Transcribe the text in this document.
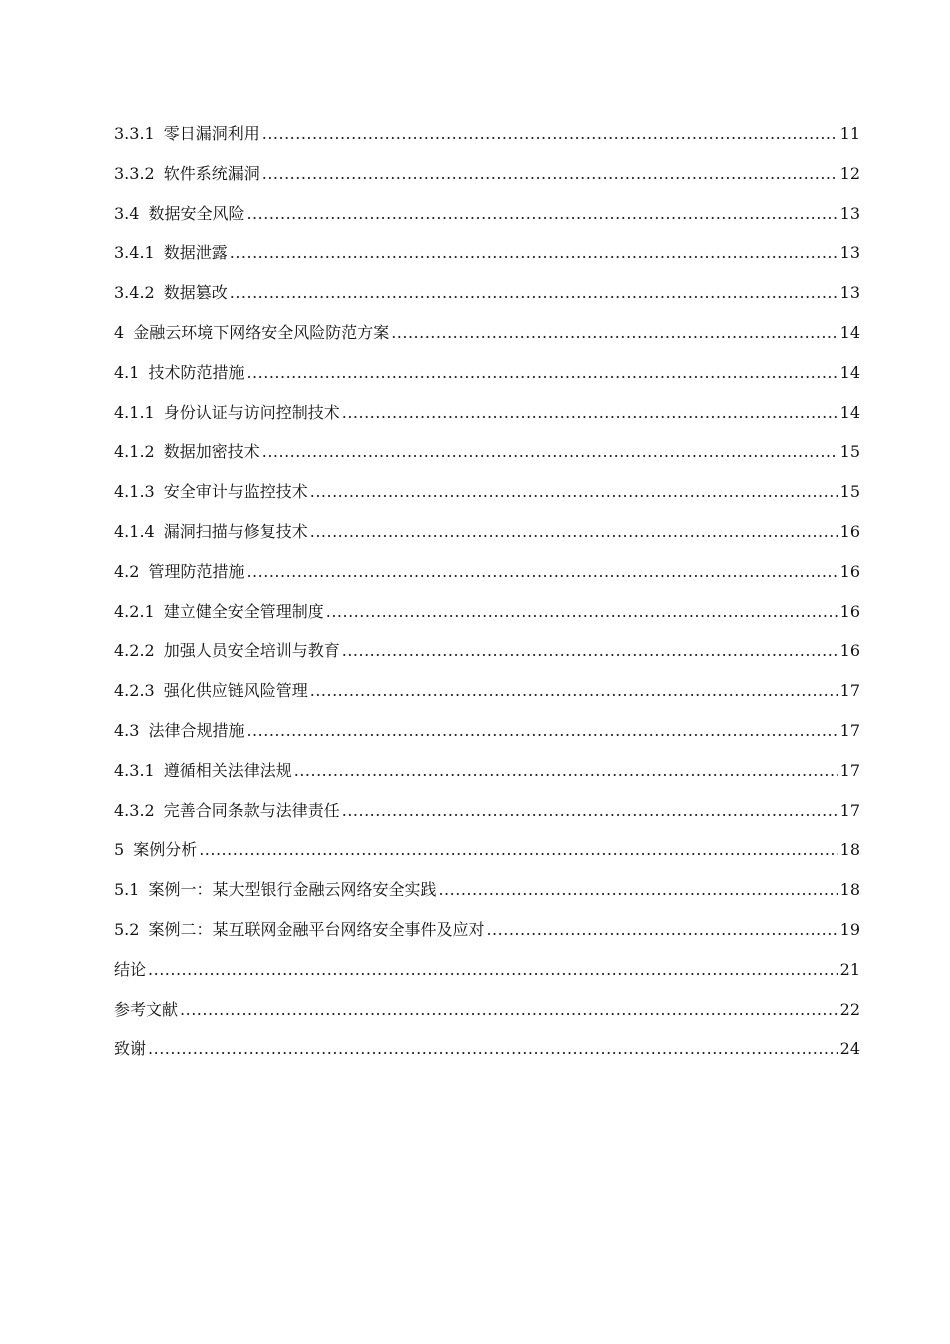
3.3.1 零日漏洞利用 .....	11
3.3.2 软件系统漏洞 .....	12
3.4 数据安全风险 .....	13
3.4.1 数据泄露 .....	13
3.4.2 数据篡改 .....	13
4 金融云环境下网络安全风险防范方案 .....	14
4.1 技术防范措施 .....	14
4.1.1 身份认证与访问控制技术 .....	14
4.1.2 数据加密技术 .....	15
4.1.3 安全审计与监控技术 .....	15
4.1.4 漏洞扫描与修复技术 .....	16
4.2 管理防范措施 .....	16
4.2.1 建立健全安全管理制度 .....	16
4.2.2 加强人员安全培训与教育 .....	16
4.2.3 强化供应链风险管理 .....	17
4.3 法律合规措施 .....	17
4.3.1 遵循相关法律法规 .....	17
4.3.2 完善合同条款与法律责任 .....	17
5 案例分析 .....	18
5.1 案例一：某大型银行金融云网络安全实践 .....	18
5.2 案例二：某互联网金融平台网络安全事件及应对 .....	19
结论 .....	21
参考文献 .....	22
致谢 .....	24
